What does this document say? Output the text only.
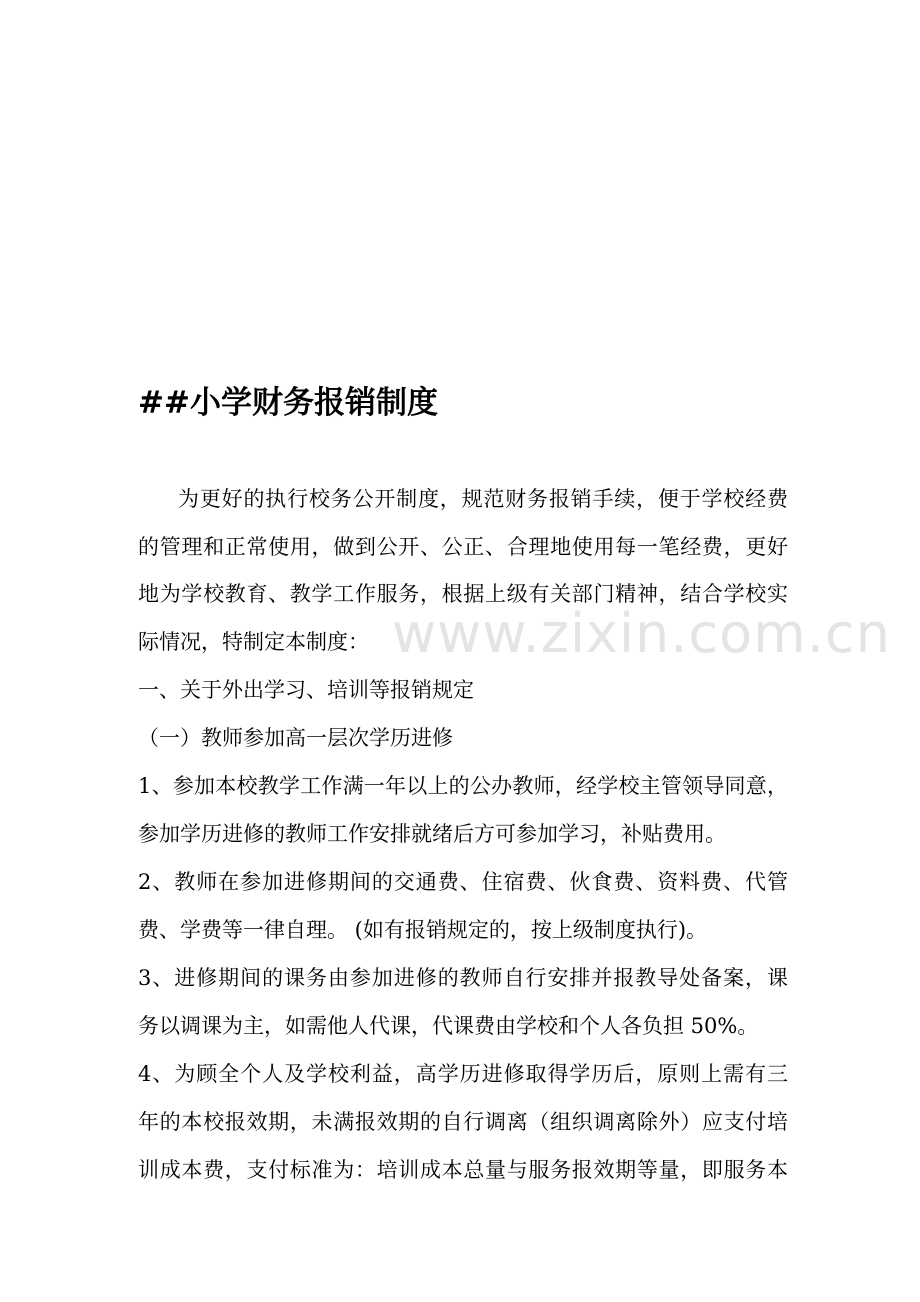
www.zixin.com.cn
##小学财务报销制度
为更好的执行校务公开制度，规范财务报销手续，便于学校经费
的管理和正常使用，做到公开、公正、合理地使用每一笔经费，更好
地为学校教育、教学工作服务，根据上级有关部门精神，结合学校实
际情况，特制定本制度：
一、关于外出学习、培训等报销规定
（一）教师参加高一层次学历进修
1、参加本校教学工作满一年以上的公办教师，经学校主管领导同意，
参加学历进修的教师工作安排就绪后方可参加学习，补贴费用。
2、教师在参加进修期间的交通费、住宿费、伙食费、资料费、代管
费、学费等一律自理。 (如有报销规定的，按上级制度执行)。
3、进修期间的课务由参加进修的教师自行安排并报教导处备案，课
务以调课为主，如需他人代课，代课费由学校和个人各负担 50%。
4、为顾全个人及学校利益，高学历进修取得学历后，原则上需有三
年的本校报效期，未满报效期的自行调离（组织调离除外）应支付培
训成本费，支付标准为：培训成本总量与服务报效期等量，即服务本
